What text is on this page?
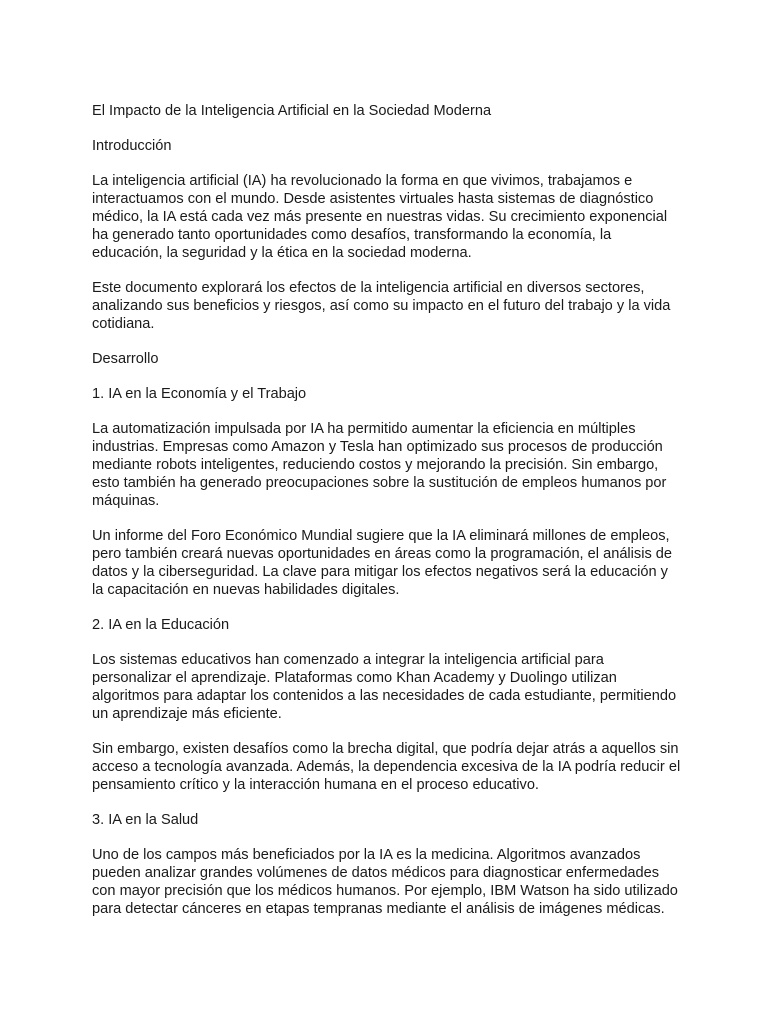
El Impacto de la Inteligencia Artificial en la Sociedad Moderna

Introducción

La inteligencia artificial (IA) ha revolucionado la forma en que vivimos, trabajamos e interactuamos con el mundo. Desde asistentes virtuales hasta sistemas de diagnóstico médico, la IA está cada vez más presente en nuestras vidas. Su crecimiento exponencial ha generado tanto oportunidades como desafíos, transformando la economía, la educación, la seguridad y la ética en la sociedad moderna.

Este documento explorará los efectos de la inteligencia artificial en diversos sectores, analizando sus beneficios y riesgos, así como su impacto en el futuro del trabajo y la vida cotidiana.

Desarrollo

1. IA en la Economía y el Trabajo

La automatización impulsada por IA ha permitido aumentar la eficiencia en múltiples industrias. Empresas como Amazon y Tesla han optimizado sus procesos de producción mediante robots inteligentes, reduciendo costos y mejorando la precisión. Sin embargo, esto también ha generado preocupaciones sobre la sustitución de empleos humanos por máquinas.

Un informe del Foro Económico Mundial sugiere que la IA eliminará millones de empleos, pero también creará nuevas oportunidades en áreas como la programación, el análisis de datos y la ciberseguridad. La clave para mitigar los efectos negativos será la educación y la capacitación en nuevas habilidades digitales.

2. IA en la Educación

Los sistemas educativos han comenzado a integrar la inteligencia artificial para personalizar el aprendizaje. Plataformas como Khan Academy y Duolingo utilizan algoritmos para adaptar los contenidos a las necesidades de cada estudiante, permitiendo un aprendizaje más eficiente.

Sin embargo, existen desafíos como la brecha digital, que podría dejar atrás a aquellos sin acceso a tecnología avanzada. Además, la dependencia excesiva de la IA podría reducir el pensamiento crítico y la interacción humana en el proceso educativo.

3. IA en la Salud

Uno de los campos más beneficiados por la IA es la medicina. Algoritmos avanzados pueden analizar grandes volúmenes de datos médicos para diagnosticar enfermedades con mayor precisión que los médicos humanos. Por ejemplo, IBM Watson ha sido utilizado para detectar cánceres en etapas tempranas mediante el análisis de imágenes médicas.
